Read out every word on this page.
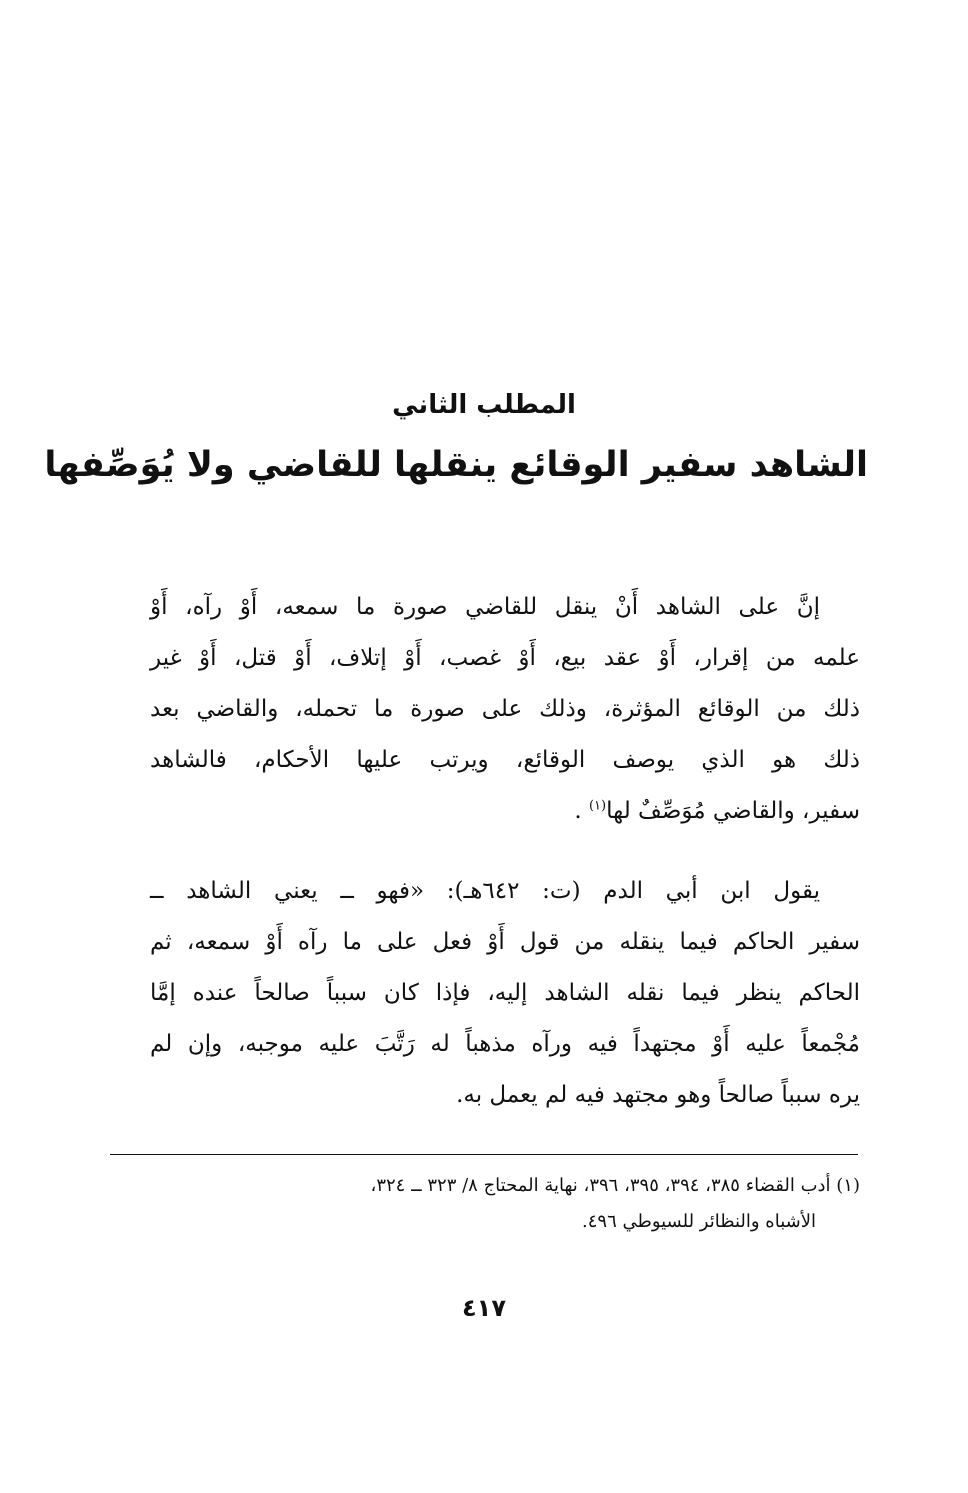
المطلب الثاني
الشاهد سفير الوقائع ينقلها للقاضي ولا يُوَصِّفها
إنَّ على الشاهد أَنْ ينقل للقاضي صورة ما سمعه، أَوْ رآه، أَوْ
علمه من إقرار، أَوْ عقد بيع، أَوْ غصب، أَوْ إتلاف، أَوْ قتل، أَوْ غير
ذلك من الوقائع المؤثرة، وذلك على صورة ما تحمله، والقاضي بعد
ذلك هو الذي يوصف الوقائع، ويرتب عليها الأحكام، فالشاهد
سفير، والقاضي مُوَصِّفٌ لها$^{(١)}$ .
يقول ابن أبي الدم (ت: ٦٤٢هـ): «فهو ــ يعني الشاهد ــ
سفير الحاكم فيما ينقله من قول أَوْ فعل على ما رآه أَوْ سمعه، ثم
الحاكم ينظر فيما نقله الشاهد إليه، فإذا كان سبباً صالحاً عنده إمَّا
مُجْمعاً عليه أَوْ مجتهداً فيه ورآه مذهباً له رَتَّبَ عليه موجبه، وإن لم
يره سبباً صالحاً وهو مجتهد فيه لم يعمل به.
(١) أدب القضاء ٣٨٥، ٣٩٤، ٣٩٥، ٣٩٦، نهاية المحتاج ٨/ ٣٢٣ ــ ٣٢٤،
الأشباه والنظائر للسيوطي ٤٩٦.
٤١٧
